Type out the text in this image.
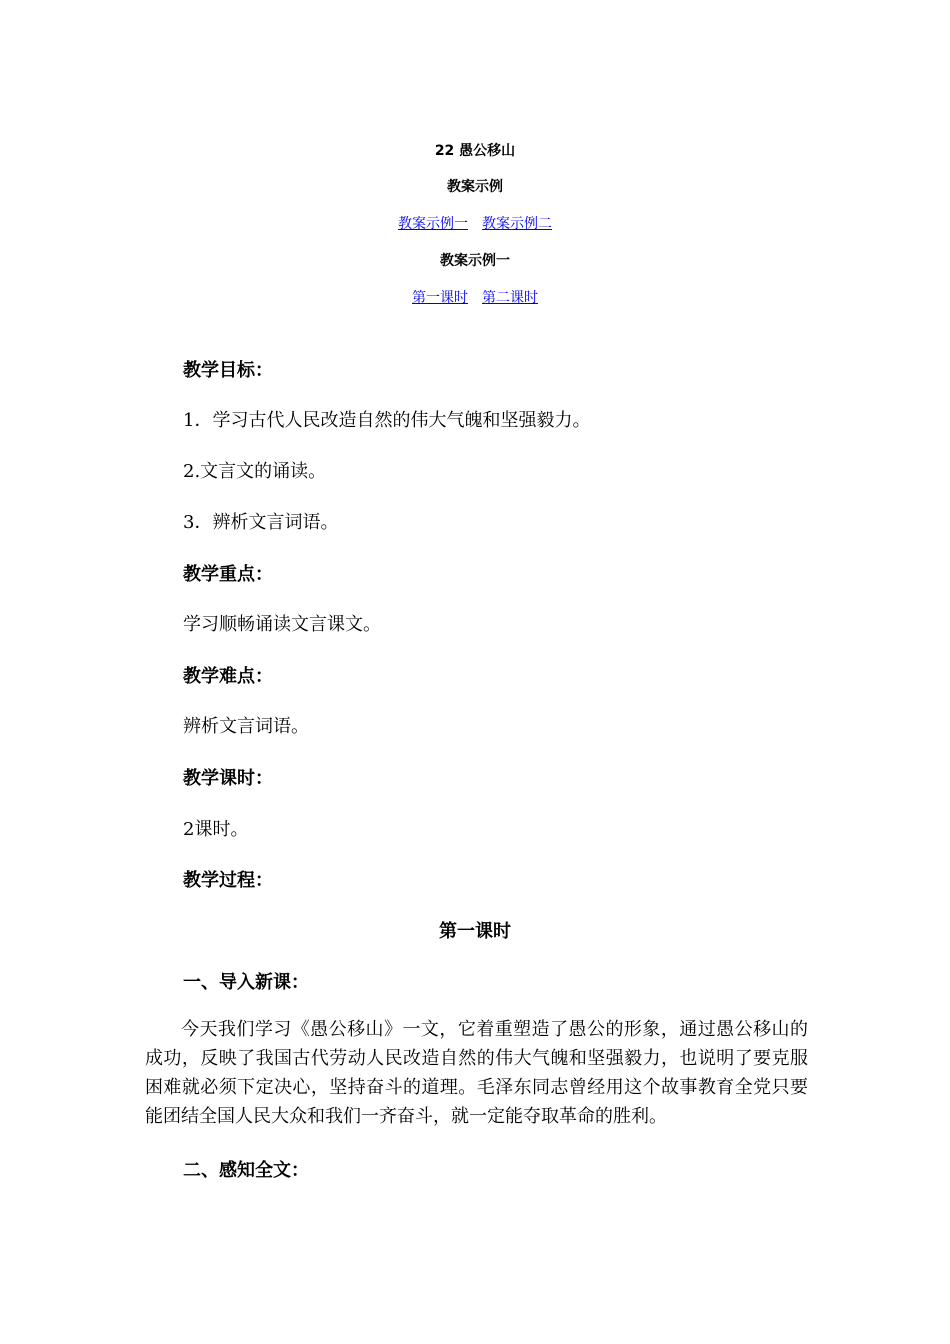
22 愚公移山
教案示例
教案示例一 教案示例二
教案示例一
第一课时 第二课时
教学目标：
1．学习古代人民改造自然的伟大气魄和坚强毅力。
2.文言文的诵读。
3．辨析文言词语。
教学重点：
学习顺畅诵读文言课文。
教学难点：
辨析文言词语。
教学课时：
2课时。
教学过程：
第一课时
一、导入新课：
今天我们学习《愚公移山》一文，它着重塑造了愚公的形象，通过愚公移山的成功，反映了我国古代劳动人民改造自然的伟大气魄和坚强毅力，也说明了要克服困难就必须下定决心，坚持奋斗的道理。毛泽东同志曾经用这个故事教育全党只要能团结全国人民大众和我们一齐奋斗，就一定能夺取革命的胜利。
二、感知全文：
